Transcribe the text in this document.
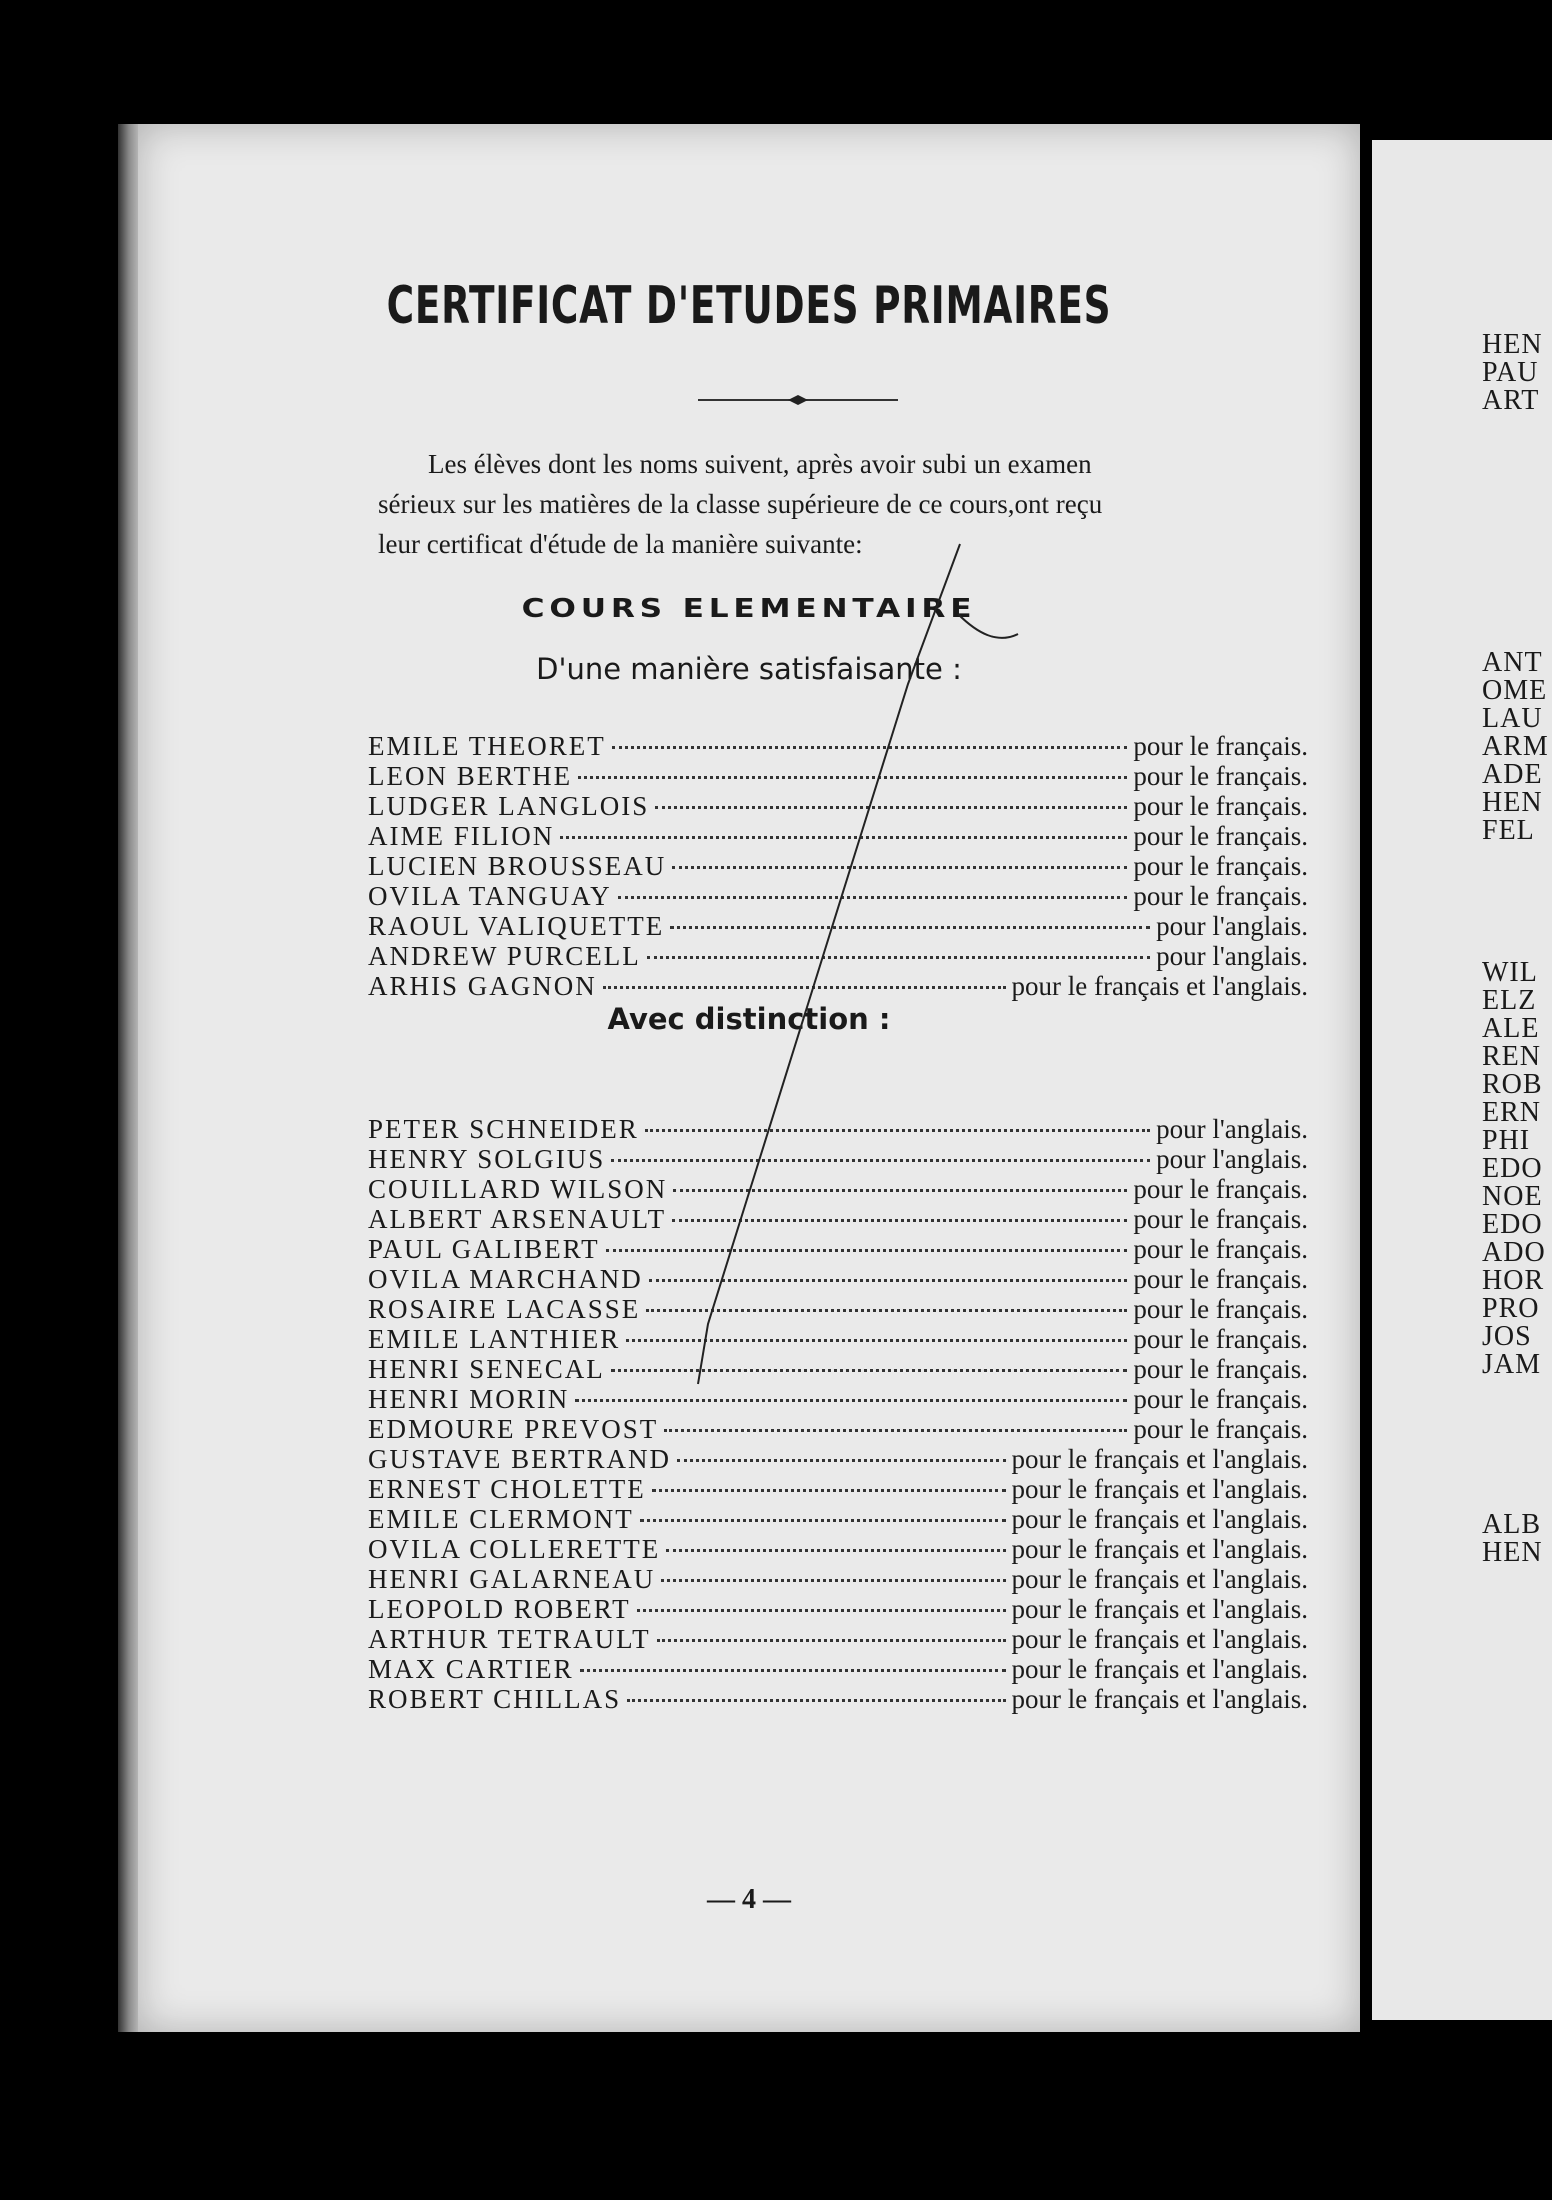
CERTIFICAT D'ETUDES PRIMAIRES
Les élèves dont les noms suivent, après avoir subi un examen
sérieux sur les matières de la classe supérieure de ce cours,ont reçu
leur certificat d'étude de la manière suivante:
COURS ELEMENTAIRE
D'une manière satisfaisante :
EMILE THEORET	pour le français.
LEON BERTHE	pour le français.
LUDGER LANGLOIS	pour le français.
AIME FILION	pour le français.
LUCIEN BROUSSEAU	pour le français.
OVILA TANGUAY	pour le français.
RAOUL VALIQUETTE	pour l'anglais.
ANDREW PURCELL	pour l'anglais.
ARHIS GAGNON	pour le français et l'anglais.
Avec distinction :
PETER SCHNEIDER	pour l'anglais.
HENRY SOLGIUS	pour l'anglais.
COUILLARD WILSON	pour le français.
ALBERT ARSENAULT	pour le français.
PAUL GALIBERT	pour le français.
OVILA MARCHAND	pour le français.
ROSAIRE LACASSE	pour le français.
EMILE LANTHIER	pour le français.
HENRI SENECAL	pour le français.
HENRI MORIN	pour le français.
EDMOURE PREVOST	pour le français.
GUSTAVE BERTRAND	pour le français et l'anglais.
ERNEST CHOLETTE	pour le français et l'anglais.
EMILE CLERMONT	pour le français et l'anglais.
OVILA COLLERETTE	pour le français et l'anglais.
HENRI GALARNEAU	pour le français et l'anglais.
LEOPOLD ROBERT	pour le français et l'anglais.
ARTHUR TETRAULT	pour le français et l'anglais.
MAX CARTIER	pour le français et l'anglais.
ROBERT CHILLAS	pour le français et l'anglais.
— 4 —
HEN
PAU
ART
ANT
OME
LAU
ARM
ADE
HEN
FEL
WIL
ELZ
ALE
REN
ROB
ERN
PHI
EDO
NOE
EDO
ADO
HOR
PRO
JOS
JAM
ALB
HEN
